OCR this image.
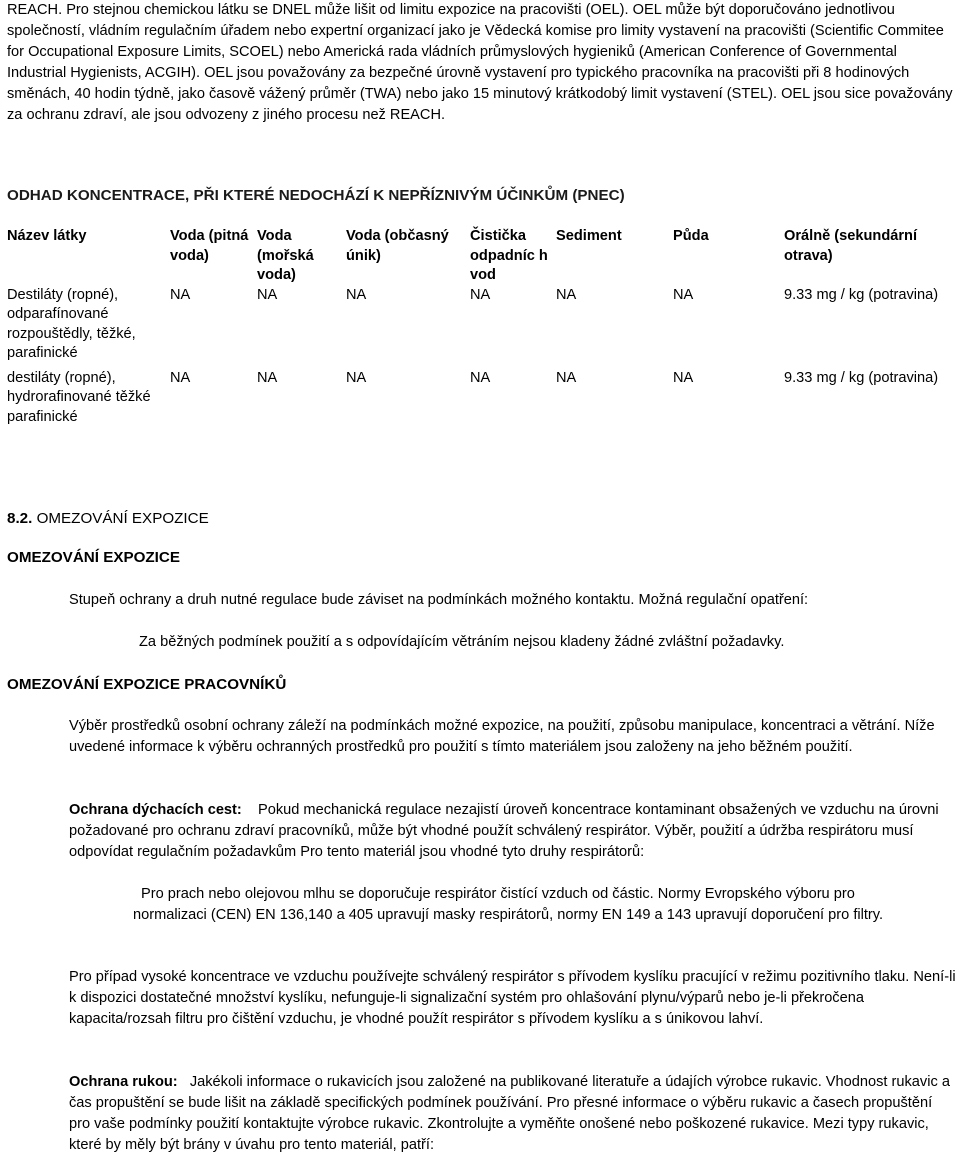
REACH. Pro stejnou chemickou látku se DNEL může lišit od limitu expozice na pracovišti (OEL). OEL může být doporučováno jednotlivou společností, vládním regulačním úřadem nebo expertní organizací jako je Vědecká komise pro limity vystavení na pracovišti (Scientific Commitee for Occupational Exposure Limits, SCOEL) nebo Americká rada vládních průmyslových hygieniků (American Conference of Governmental Industrial Hygienists, ACGIH). OEL jsou považovány za bezpečné úrovně vystavení pro typického pracovníka na pracovišti při 8 hodinových směnách, 40 hodin týdně, jako časově vážený průměr (TWA) nebo jako 15 minutový krátkodobý limit vystavení (STEL). OEL jsou sice považovány za ochranu zdraví, ale jsou odvozeny z jiného procesu než REACH.

ODHAD KONCENTRACE, PŘI KTERÉ NEDOCHÁZÍ K NEPŘÍZNIVÝM ÚČINKŮM (PNEC)

Název látky	Voda (pitná voda)	Voda (mořská voda)	Voda (občasný únik)	Čistička odpadníc h vod	Sediment	Půda	Orálně (sekundární otrava)
Destiláty (ropné), odparafínované rozpouštědly, těžké, parafinické	NA	NA	NA	NA	NA	NA	9.33 mg / kg (potravina)
destiláty (ropné), hydrorafinované těžké parafinické	NA	NA	NA	NA	NA	NA	9.33 mg / kg (potravina)

8.2. OMEZOVÁNÍ EXPOZICE

OMEZOVÁNÍ EXPOZICE

Stupeň ochrany a druh nutné regulace bude záviset na podmínkách možného kontaktu. Možná regulační opatření:

Za běžných podmínek použití a s odpovídajícím větráním nejsou kladeny žádné zvláštní požadavky.

OMEZOVÁNÍ EXPOZICE PRACOVNÍKŮ

Výběr prostředků osobní ochrany záleží na podmínkách možné expozice, na použití, způsobu manipulace, koncentraci a větrání. Níže uvedené informace k výběru ochranných prostředků pro použití s tímto materiálem jsou založeny na jeho běžném použití.

Ochrana dýchacích cest: Pokud mechanická regulace nezajistí úroveň koncentrace kontaminant obsažených ve vzduchu na úrovni požadované pro ochranu zdraví pracovníků, může být vhodné použít schválený respirátor. Výběr, použití a údržba respirátoru musí odpovídat regulačním požadavkům Pro tento materiál jsou vhodné tyto druhy respirátorů:

Pro prach nebo olejovou mlhu se doporučuje respirátor čistící vzduch od částic. Normy Evropského výboru pro normalizaci (CEN) EN 136,140 a 405 upravují masky respirátorů, normy EN 149 a 143 upravují doporučení pro filtry.

Pro případ vysoké koncentrace ve vzduchu používejte schválený respirátor s přívodem kyslíku pracující v režimu pozitivního tlaku. Není-li k dispozici dostatečné množství kyslíku, nefunguje-li signalizační systém pro ohlašování plynu/výparů nebo je-li překročena kapacita/rozsah filtru pro čištění vzduchu, je vhodné použít respirátor s přívodem kyslíku a s únikovou lahví.

Ochrana rukou: Jakékoli informace o rukavicích jsou založené na publikované literatuře a údajích výrobce rukavic. Vhodnost rukavic a čas propuštění se bude lišit na základě specifických podmínek používání. Pro přesné informace o výběru rukavic a časech propuštění pro vaše podmínky použití kontaktujte výrobce rukavic. Zkontrolujte a vyměňte onošené nebo poškozené rukavice. Mezi typy rukavic, které by měly být brány v úvahu pro tento materiál, patří:
